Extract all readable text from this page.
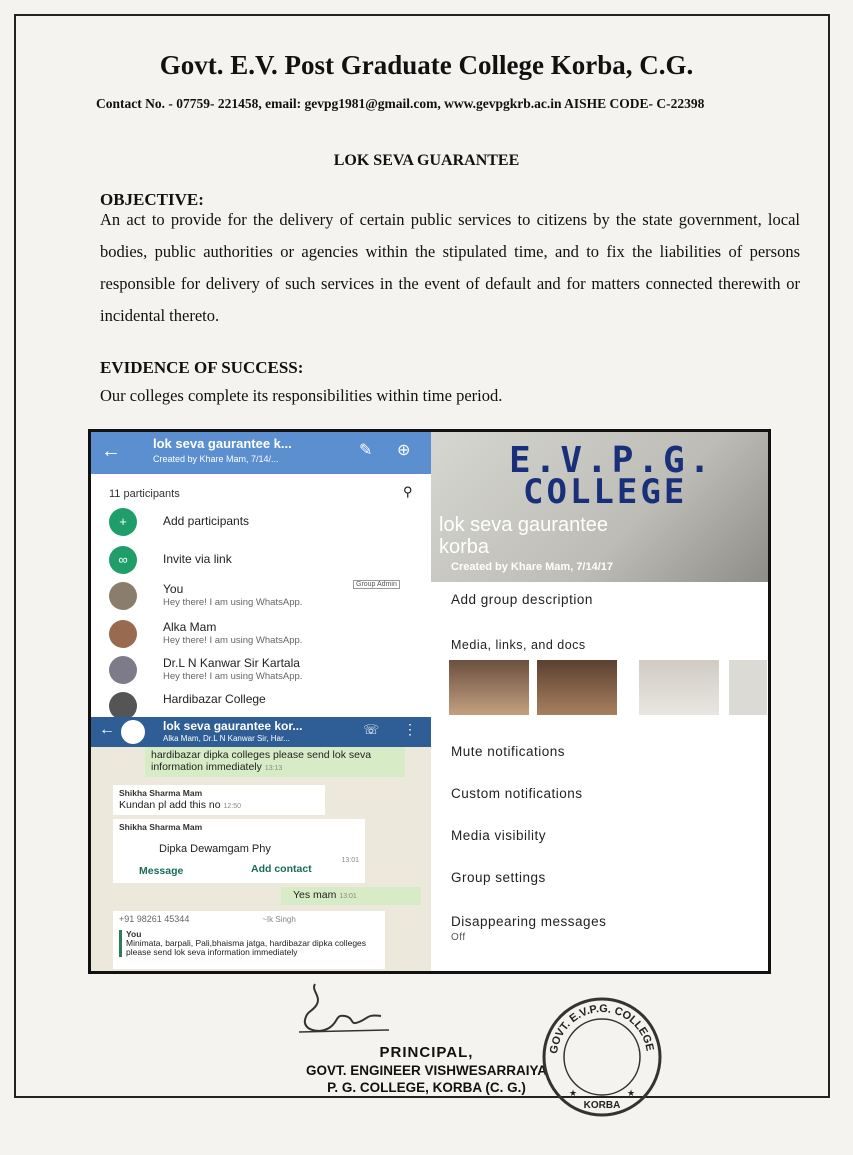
Govt. E.V. Post Graduate College Korba, C.G.
Contact No. - 07759- 221458, email: gevpg1981@gmail.com, www.gevpgkrb.ac.in AISHE CODE- C-22398
LOK SEVA GUARANTEE
OBJECTIVE:
An act to provide for the delivery of certain public services to citizens by the state government, local bodies, public authorities or agencies within the stipulated time, and to fix the liabilities of persons responsible for delivery of such services in the event of default and for matters connected therewith or incidental thereto.
EVIDENCE OF SUCCESS:
Our colleges complete its responsibilities within time period.
← lok seva gaurantee k...
Created by Khare Mam, 7/14/...	✎ ⊕
11 participants	⚲
+	Add participants
∞	Invite via link
You
Hey there! I am using WhatsApp.
Group Admin
Alka Mam
Hey there! I am using WhatsApp.
Dr.L N Kanwar Sir Kartala
Hey there! I am using WhatsApp.
Hardibazar College
←	lok seva gaurantee kor...
Alka Mam, Dr.L N Kanwar Sir, Har...
☏ ⋮
hardibazar dipka colleges please send lok seva information immediately 13:13
Shikha Sharma Mam
Kundan pl add this no 12:50
Shikha Sharma Mam
Dipka Dewamgam Phy
13:01
Message	Add contact
Yes mam 13:01
+91 98261 45344	~Ik Singh
You
Minimata, barpali, Pali,bhaisma jatga, hardibazar dipka colleges please send lok seva information immediately
E.V.P.G.
COLLEGE
lok seva gaurantee korba
Created by Khare Mam, 7/14/17
Add group description
Media, links, and docs
Mute notifications
Custom notifications
Media visibility
Group settings
Disappearing messages
Off
PRINCIPAL,
GOVT. ENGINEER VISHWESARRAIYA
P. G. COLLEGE, KORBA (C. G.)
GOVT. E.V.P.G. COLLEGE
KORBA
★	★
